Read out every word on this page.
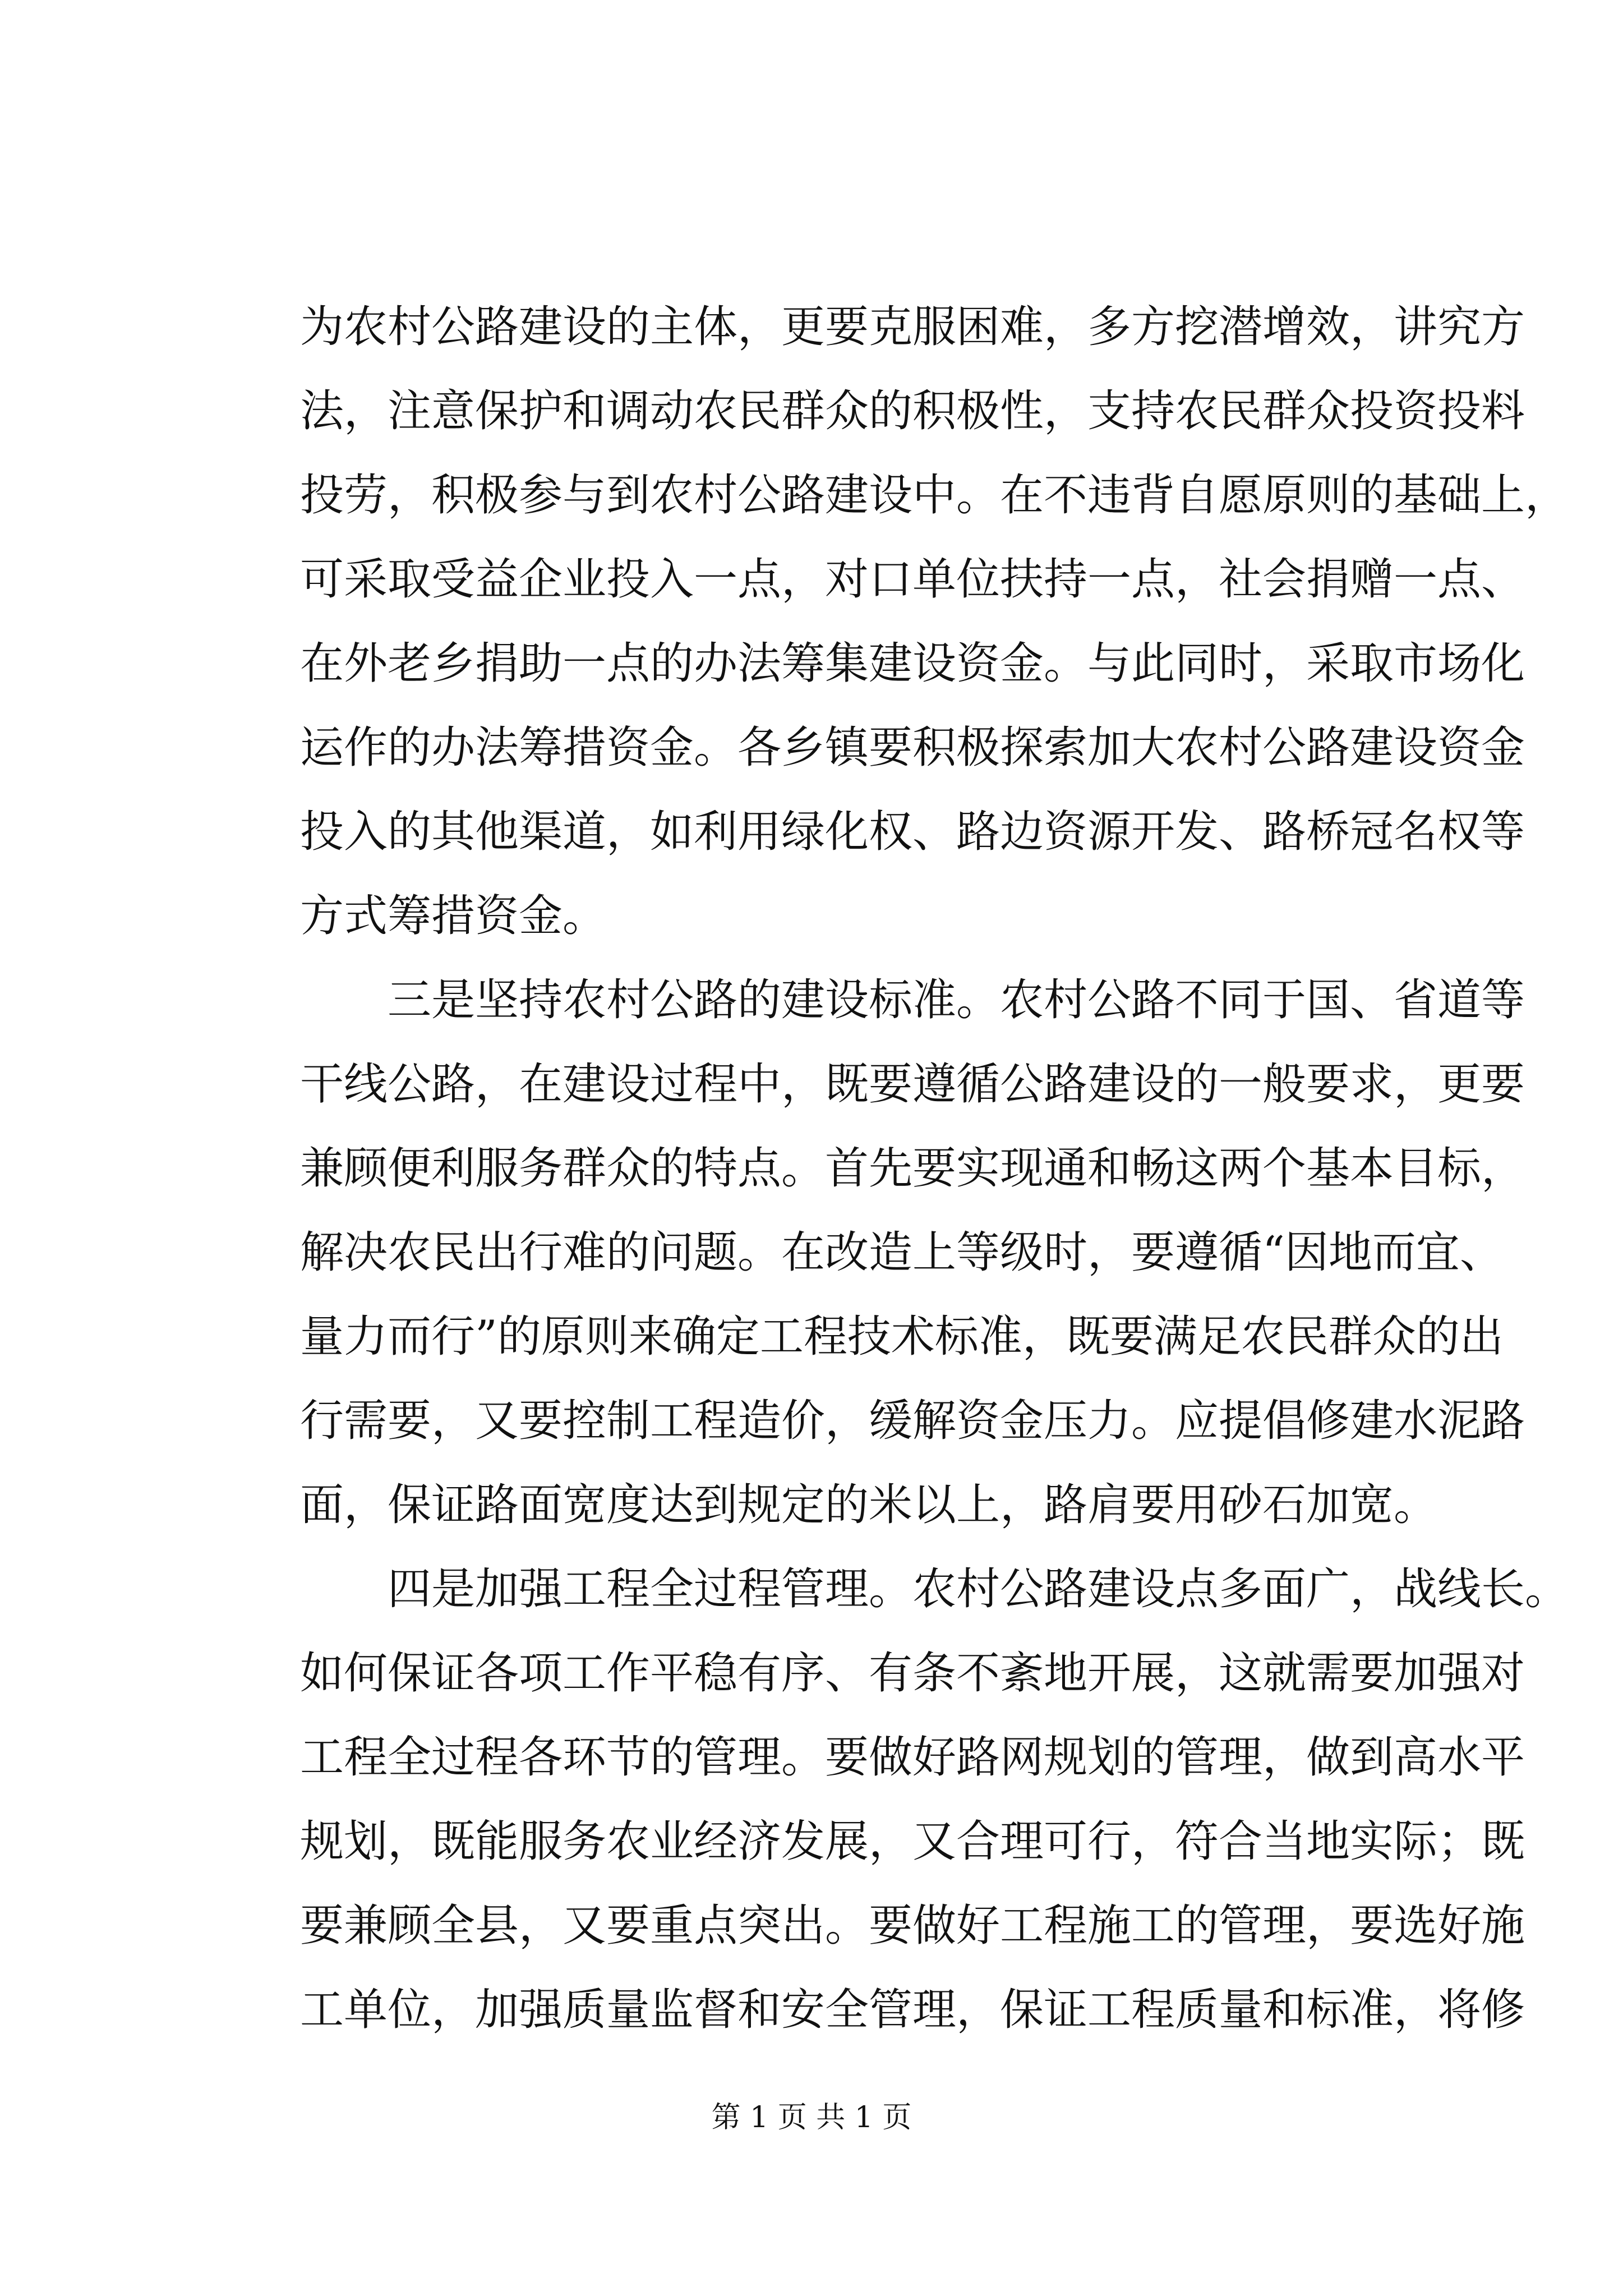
为农村公路建设的主体，更要克服困难，多方挖潜增效，讲究方
法，注意保护和调动农民群众的积极性，支持农民群众投资投料
投劳，积极参与到农村公路建设中。在不违背自愿原则的基础上，
可采取受益企业投入一点，对口单位扶持一点，社会捐赠一点、
在外老乡捐助一点的办法筹集建设资金。与此同时，采取市场化
运作的办法筹措资金。各乡镇要积极探索加大农村公路建设资金
投入的其他渠道，如利用绿化权、路边资源开发、路桥冠名权等
方式筹措资金。
　　三是坚持农村公路的建设标准。农村公路不同于国、省道等
干线公路，在建设过程中，既要遵循公路建设的一般要求，更要
兼顾便利服务群众的特点。首先要实现通和畅这两个基本目标，
解决农民出行难的问题。在改造上等级时，要遵循“因地而宜、
量力而行”的原则来确定工程技术标准，既要满足农民群众的出
行需要，又要控制工程造价，缓解资金压力。应提倡修建水泥路
面，保证路面宽度达到规定的米以上，路肩要用砂石加宽。
　　四是加强工程全过程管理。农村公路建设点多面广，战线长。
如何保证各项工作平稳有序、有条不紊地开展，这就需要加强对
工程全过程各环节的管理。要做好路网规划的管理，做到高水平
规划，既能服务农业经济发展，又合理可行，符合当地实际；既
要兼顾全县，又要重点突出。要做好工程施工的管理，要选好施
工单位，加强质量监督和安全管理，保证工程质量和标准，将修
第 1 页 共 1 页
